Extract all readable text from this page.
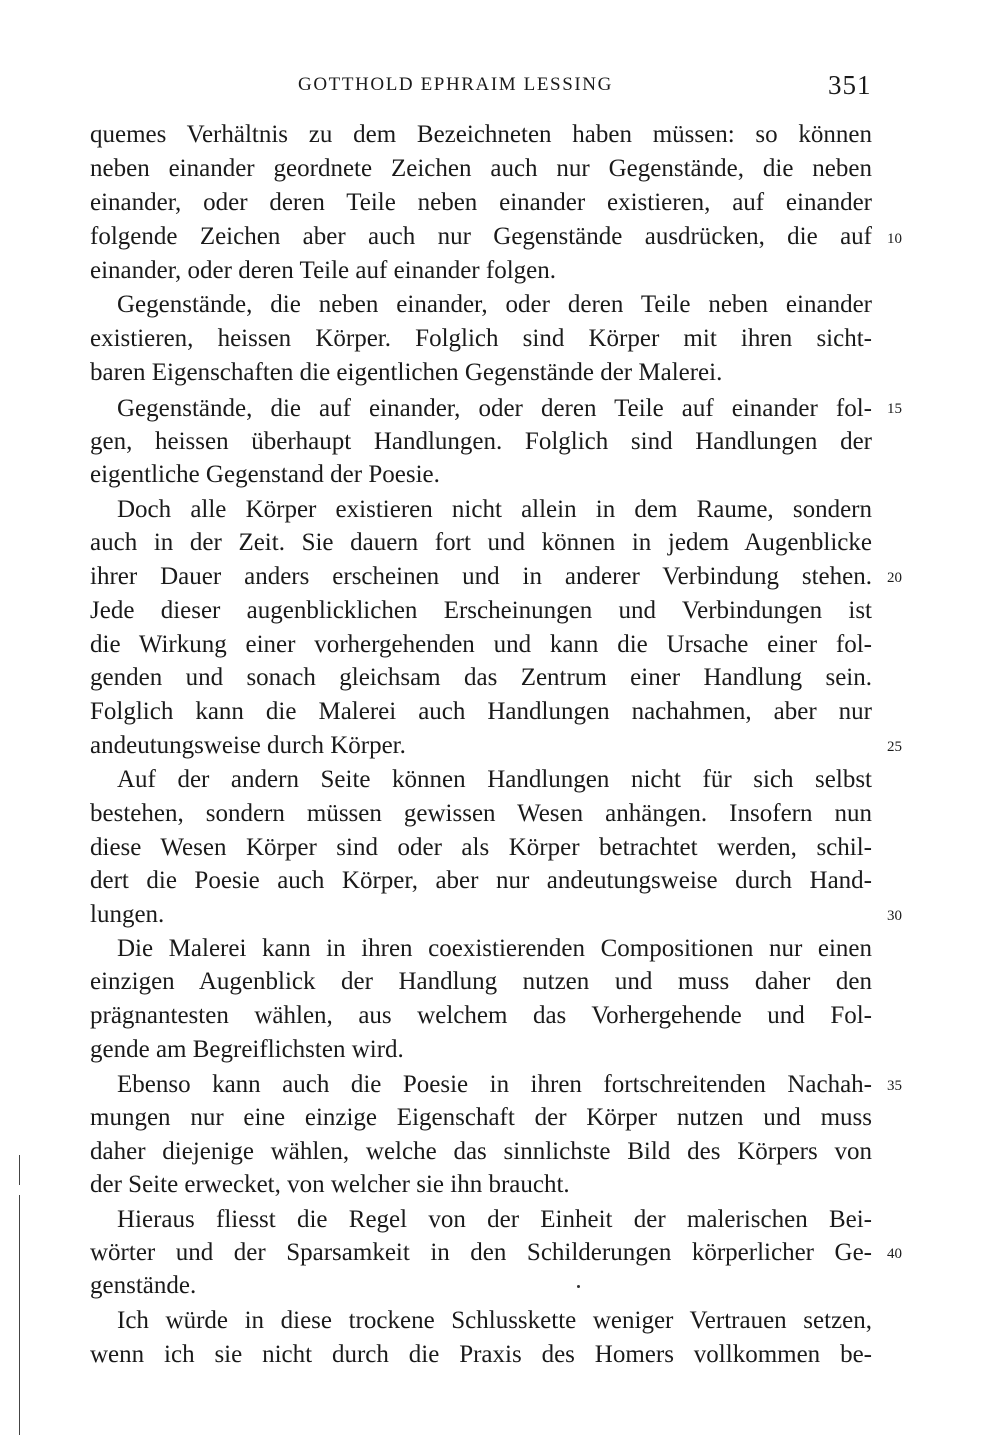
GOTTHOLD EPHRAIM LESSING	351
quemes Verhältnis zu dem Bezeichneten haben müssen: so können
neben einander geordnete Zeichen auch nur Gegenstände, die neben
einander, oder deren Teile neben einander existieren, auf einander
folgende Zeichen aber auch nur Gegenstände ausdrücken, die auf
einander, oder deren Teile auf einander folgen.
Gegenstände, die neben einander, oder deren Teile neben einander
existieren, heissen Körper. Folglich sind Körper mit ihren sicht-
baren Eigenschaften die eigentlichen Gegenstände der Malerei.
Gegenstände, die auf einander, oder deren Teile auf einander fol-
gen, heissen überhaupt Handlungen. Folglich sind Handlungen der
eigentliche Gegenstand der Poesie.
Doch alle Körper existieren nicht allein in dem Raume, sondern
auch in der Zeit. Sie dauern fort und können in jedem Augenblicke
ihrer Dauer anders erscheinen und in anderer Verbindung stehen.
Jede dieser augenblicklichen Erscheinungen und Verbindungen ist
die Wirkung einer vorhergehenden und kann die Ursache einer fol-
genden und sonach gleichsam das Zentrum einer Handlung sein.
Folglich kann die Malerei auch Handlungen nachahmen, aber nur
andeutungsweise durch Körper.
Auf der andern Seite können Handlungen nicht für sich selbst
bestehen, sondern müssen gewissen Wesen anhängen. Insofern nun
diese Wesen Körper sind oder als Körper betrachtet werden, schil-
dert die Poesie auch Körper, aber nur andeutungsweise durch Hand-
lungen.
Die Malerei kann in ihren coexistierenden Compositionen nur einen
einzigen Augenblick der Handlung nutzen und muss daher den
prägnantesten wählen, aus welchem das Vorhergehende und Fol-
gende am Begreiflichsten wird.
Ebenso kann auch die Poesie in ihren fortschreitenden Nachah-
mungen nur eine einzige Eigenschaft der Körper nutzen und muss
daher diejenige wählen, welche das sinnlichste Bild des Körpers von
der Seite erwecket, von welcher sie ihn braucht.
Hieraus fliesst die Regel von der Einheit der malerischen Bei-
wörter und der Sparsamkeit in den Schilderungen körperlicher Ge-
genstände.
Ich würde in diese trockene Schlusskette weniger Vertrauen setzen,
wenn ich sie nicht durch die Praxis des Homers vollkommen be-
10
15
20
25
30
35
40
